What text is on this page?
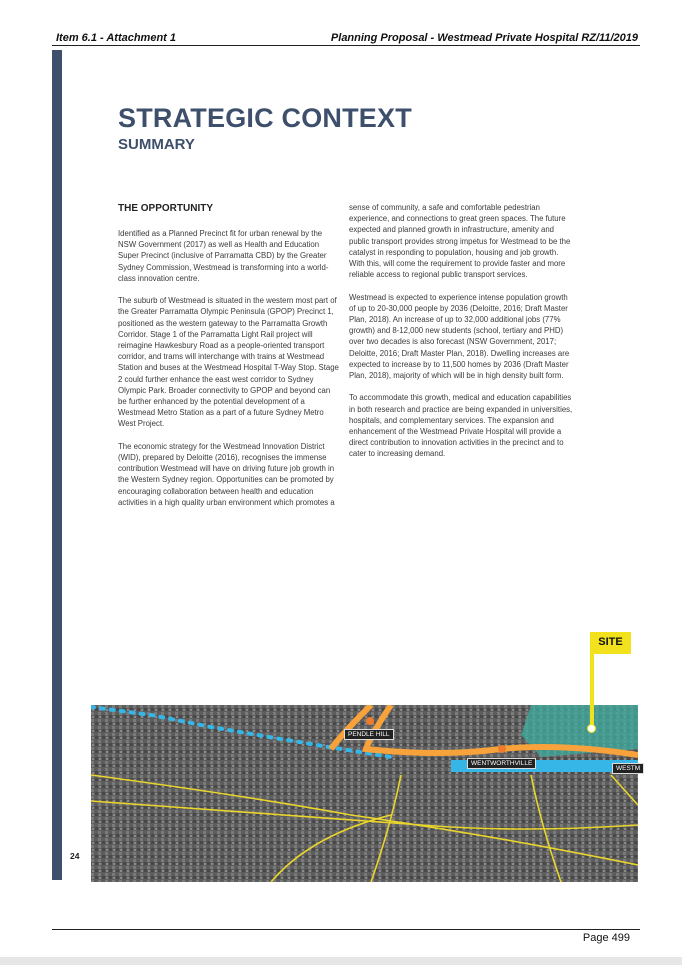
Item 6.1 - Attachment 1	Planning Proposal - Westmead Private Hospital RZ/11/2019
STRATEGIC CONTEXT
SUMMARY
THE OPPORTUNITY

Identified as a Planned Precinct fit for urban renewal by the NSW Government (2017) as well as Health and Education Super Precinct (inclusive of Parramatta CBD) by the Greater Sydney Commission, Westmead is transforming into a world-class innovation centre.

The suburb of Westmead is situated in the western most part of the Greater Parramatta Olympic Peninsula (GPOP) Precinct 1, positioned as the western gateway to the Parramatta Growth Corridor. Stage 1 of the Parramatta Light Rail project will reimagine Hawkesbury Road as a people-oriented transport corridor, and trams will interchange with trains at Westmead Station and buses at the Westmead Hospital T-Way Stop. Stage 2 could further enhance the east west corridor to Sydney Olympic Park. Broader connectivity to GPOP and beyond can be further enhanced by the potential development of a Westmead Metro Station as a part of a future Sydney Metro West Project.

The economic strategy for the Westmead Innovation District (WID), prepared by Deloitte (2016), recognises the immense contribution Westmead will have on driving future job growth in the Western Sydney region. Opportunities can be promoted by encouraging collaboration between health and education activities in a high quality urban environment which promotes a

sense of community, a safe and comfortable pedestrian experience, and connections to great green spaces. The future expected and planned growth in infrastructure, amenity and public transport provides strong impetus for Westmead to be the catalyst in responding to population, housing and job growth. With this, will come the requirement to provide faster and more reliable access to regional public transport services.

Westmead is expected to experience intense population growth of up to 20-30,000 people by 2036 (Deloitte, 2016; Draft Master Plan, 2018). An increase of up to 32,000 additional jobs (77% growth) and 8-12,000 new students (school, tertiary and PHD) over two decades is also forecast (NSW Government, 2017; Deloitte, 2016; Draft Master Plan, 2018). Dwelling increases are expected to increase by to 11,500 homes by 2036 (Draft Master Plan, 2018), majority of which will be in high density built form.

To accommodate this growth, medical and education capabilities in both research and practice are being expanded in universities, hospitals, and complementary services. The expansion and enhancement of the Westmead Private Hospital will provide a direct contribution to innovation activities in the precinct and to cater to increasing demand.

PENDLE HILL
WENTWORTHVILLE
WESTM
SITE
24
Page 499
